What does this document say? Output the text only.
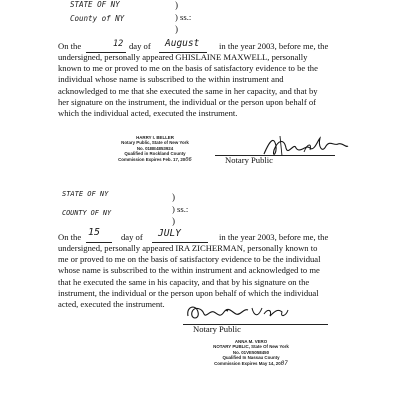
STATE OF NY
County of NY
)
) ss.:
)
On the	12 day of August in the year 2003, before me, the
undersigned, personally appeared GHISLAINE MAXWELL, personally
known to me or proved to me on the basis of satisfactory evidence to be the
individual whose name is subscribed to the within instrument and
acknowledged to me that she executed the same in her capacity, and that by
her signature on the instrument, the individual or the person upon behalf of
which the individual acted, executed the instrument.
HARRY I. BELLER
Notary Public, State of New York
No. 01BE4853924
Qualified in Rockland County
Commission Expires Feb. 17, 2006	Notary Public
STATE OF NY
COUNTY OF NY
)
) ss.:
)
On the 15 day of JULY	in the year 2003, before me, the
undersigned, personally appeared IRA ZICHERMAN, personally known to
me or proved to me on the basis of satisfactory evidence to be the individual
whose name is subscribed to the within instrument and acknowledged to me
that he executed the same in his capacity, and that by his signature on the
instrument, the individual or the person upon behalf of which the individual
acted, executed the instrument.
Notary Public
ANNA M. VERO
NOTARY PUBLIC, State Of New York
No. 01VE5058450
Qualified In Nassau County
Commission Expires May 14, 2007
